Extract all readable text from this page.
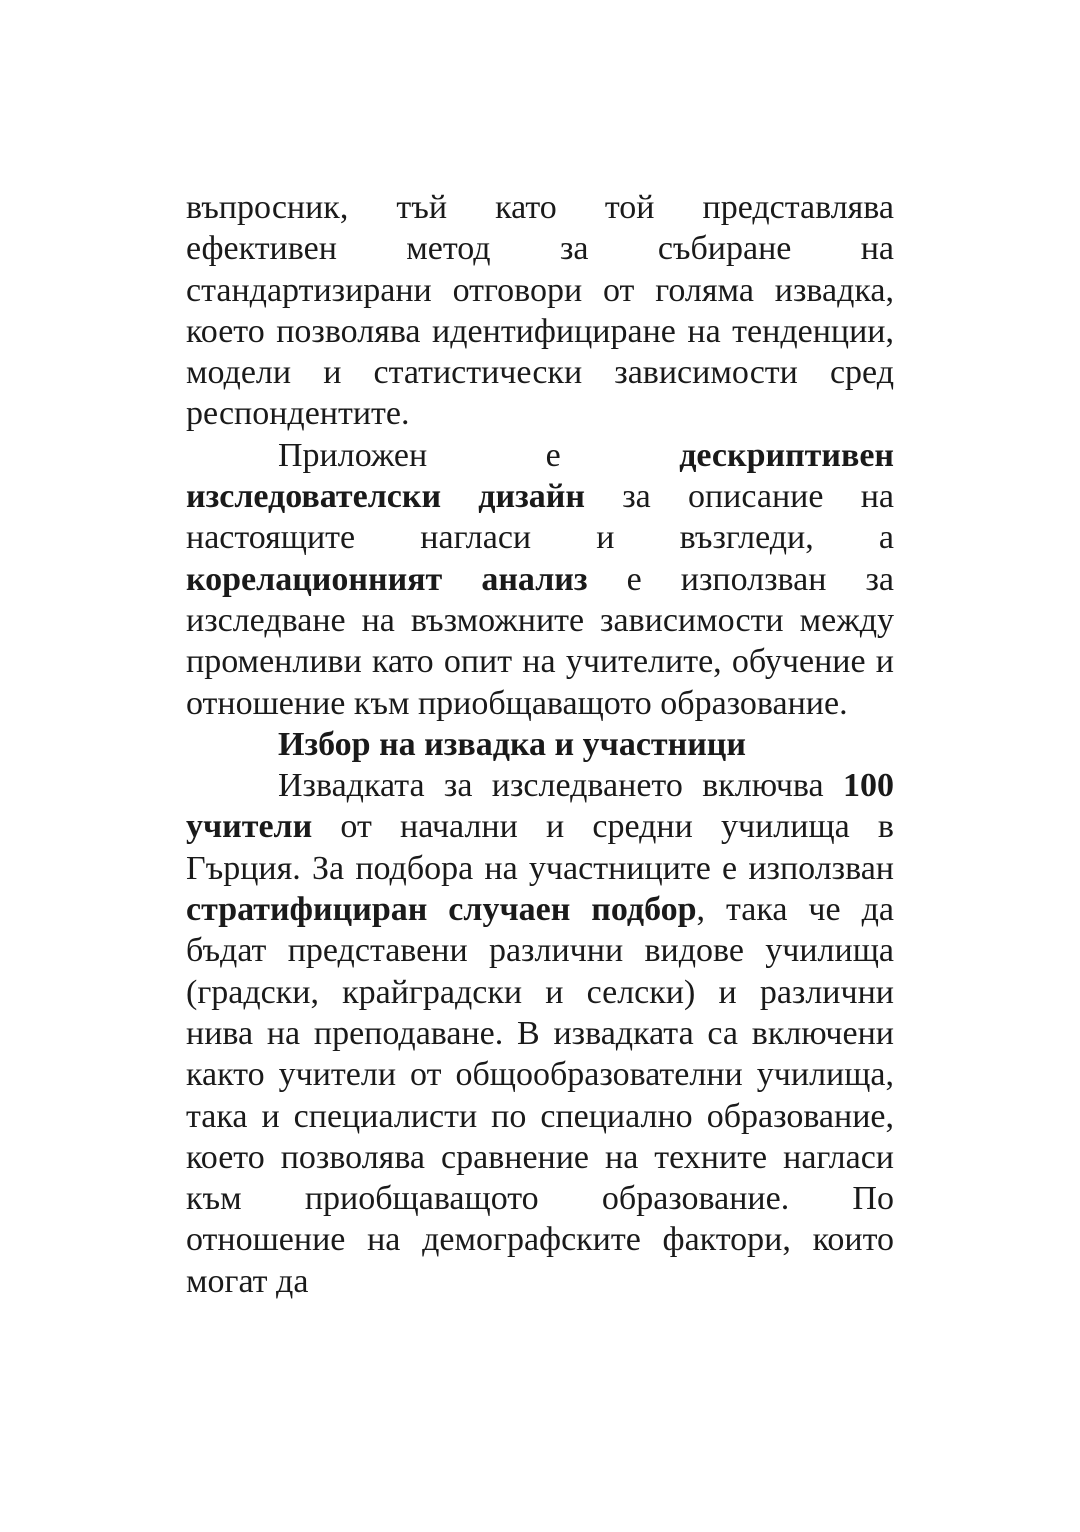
въпросник, тъй като той представлява ефективен метод за събиране на стандартизирани отговори от голяма извадка, което позволява идентифициране на тенденции, модели и статистически зависимости сред респондентите.

Приложен е дескриптивен изследователски дизайн за описание на настоящите нагласи и възгледи, а корелационният анализ е използван за изследване на възможните зависимости между променливи като опит на учителите, обучение и отношение към приобщаващото образование.

Избор на извадка и участници

Извадката за изследването включва 100 учители от начални и средни училища в Гърция. За подбора на участниците е използван стратифициран случаен подбор, така че да бъдат представени различни видове училища (градски, крайградски и селски) и различни нива на преподаване. В извадката са включени както учители от общообразователни училища, така и специалисти по специално образование, което позволява сравнение на техните нагласи към приобщаващото образование. По отношение на демографските фактори, които могат да
